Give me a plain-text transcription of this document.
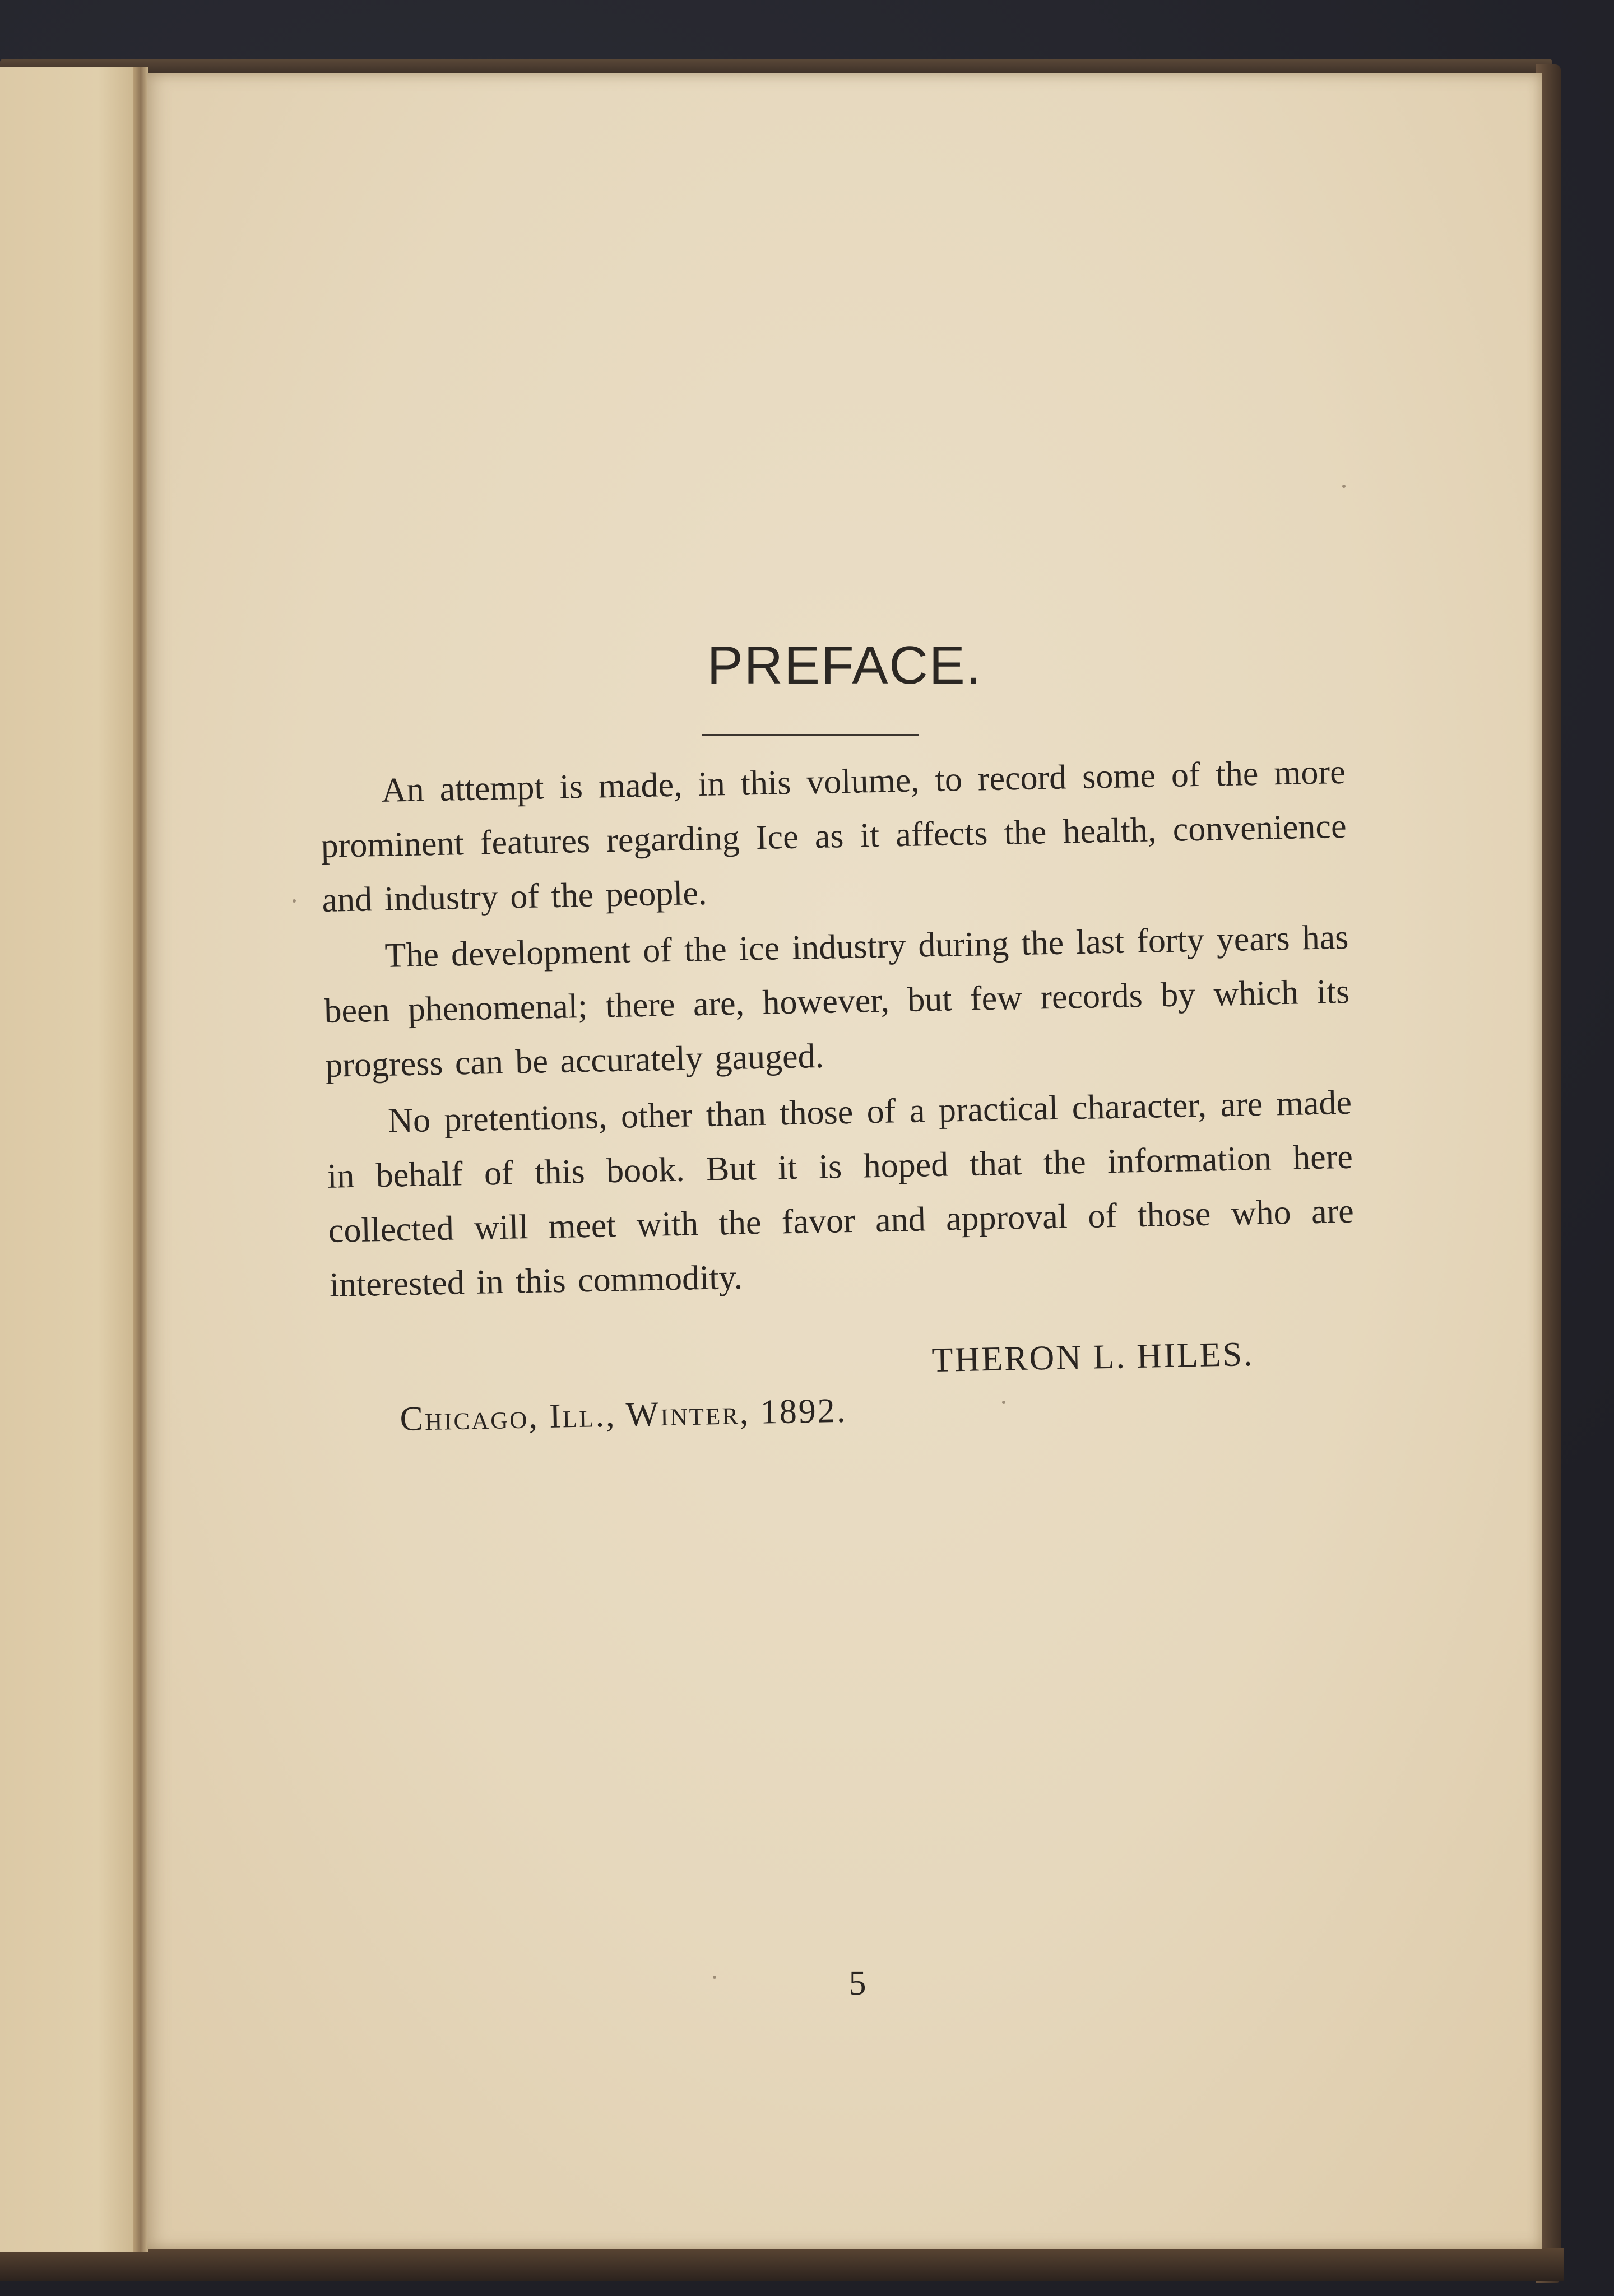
PREFACE.

An attempt is made, in this volume, to record some of the more prominent features regarding Ice as it affects the health, convenience and industry of the people.

The development of the ice industry during the last forty years has been phenomenal; there are, however, but few records by which its progress can be accurately gauged.

No pretentions, other than those of a practical character, are made in behalf of this book. But it is hoped that the information here collected will meet with the favor and approval of those who are interested in this commodity.

THERON L. HILES.
Chicago, Ill., Winter, 1892.
5
